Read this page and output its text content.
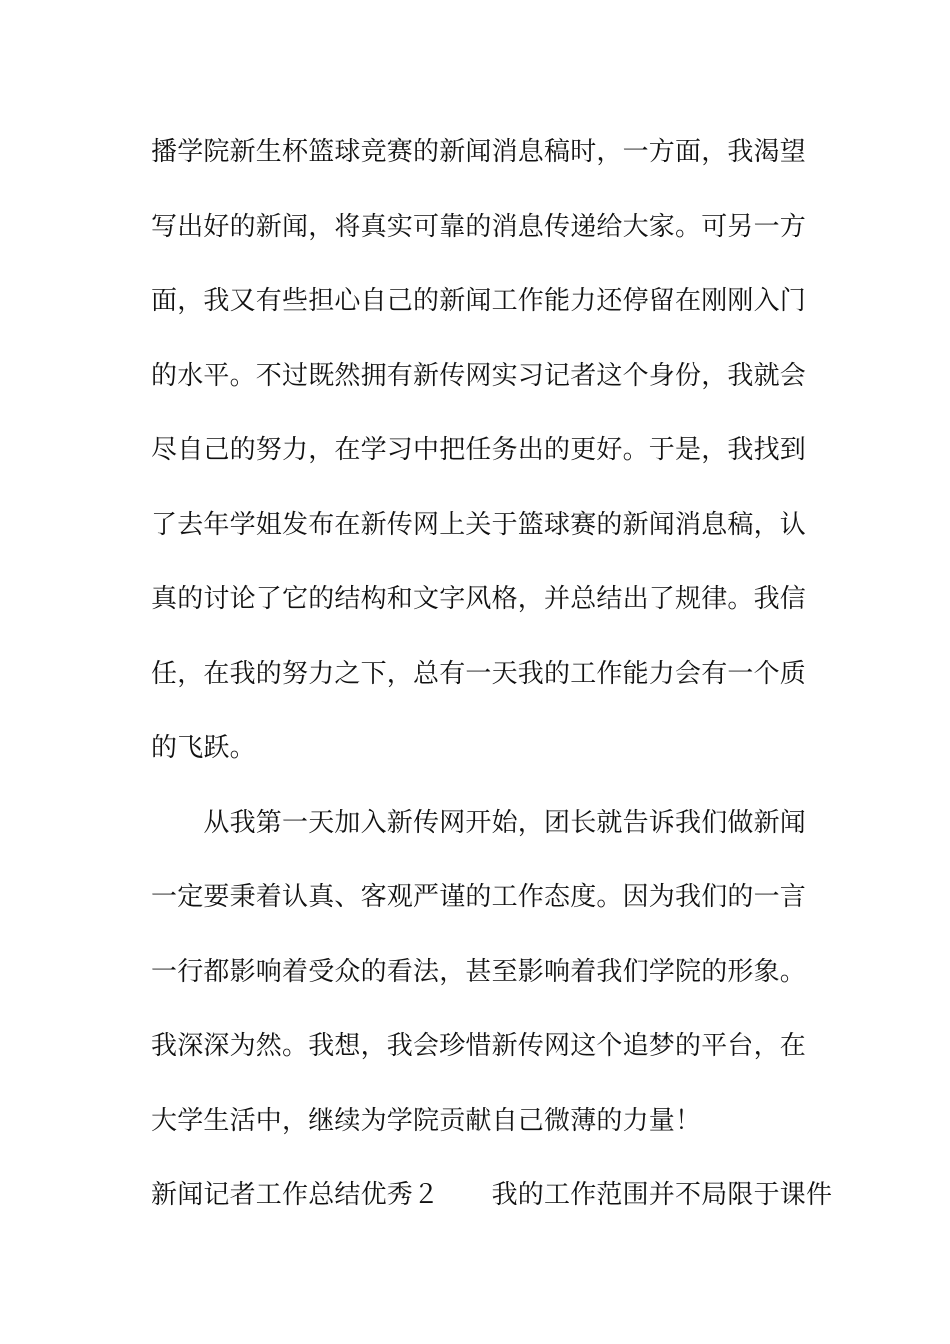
播学院新生杯篮球竞赛的新闻消息稿时，一方面，我渴望
写出好的新闻，将真实可靠的消息传递给大家。可另一方
面，我又有些担心自己的新闻工作能力还停留在刚刚入门
的水平。不过既然拥有新传网实习记者这个身份，我就会
尽自己的努力，在学习中把任务出的更好。于是，我找到
了去年学姐发布在新传网上关于篮球赛的新闻消息稿，认
真的讨论了它的结构和文字风格，并总结出了规律。我信
任，在我的努力之下，总有一天我的工作能力会有一个质
的飞跃。
　　从我第一天加入新传网开始，团长就告诉我们做新闻
一定要秉着认真、客观严谨的工作态度。因为我们的一言
一行都影响着受众的看法，甚至影响着我们学院的形象。
我深深为然。我想，我会珍惜新传网这个追梦的平台，在
大学生活中，继续为学院贡献自己微薄的力量！
新闻记者工作总结优秀２　　我的工作范围并不局限于课件
